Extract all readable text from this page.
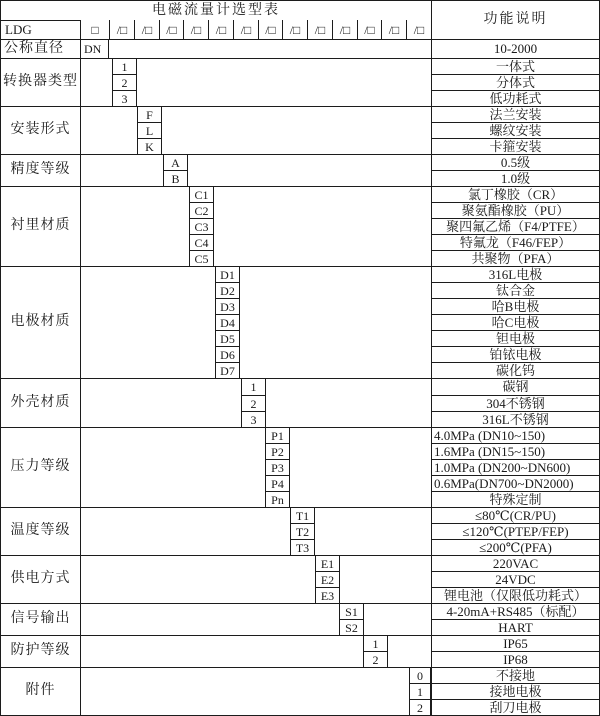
电磁流量计选型表
功能说明
LDG	□	/□	/□	/□	/□	/□	/□	/□	/□	/□	/□	/□	/□	/□
公称直径	DN	10-2000
转换器类型
1	一体式
2	分体式
3	低功耗式
安装形式
F	法兰安装
L	螺纹安装
K	卡箍安装
精度等级	A	0.5级
B	1.0级
衬里材质
C1	氯丁橡胶（CR）
C2	聚氨酯橡胶（PU）
C3	聚四氟乙烯（F4/PTFE）
C4	特氟龙（F46/FEP）
C5	共聚物（PFA）
电极材质
D1	316L电极
D2	钛合金
D3	哈B电极
D4	哈C电极
D5	钽电极
D6	铂铱电极
D7	碳化钨
外壳材质
1	碳钢
2	304不锈钢
3	316L不锈钢
压力等级
P1	4.0MPa (DN10~150)
P2	1.6MPa (DN15~150)
P3	1.0MPa (DN200~DN600)
P4	0.6MPa(DN700~DN2000)
Pn	特殊定制
温度等级
T1	≤80℃(CR/PU)
T2	≤120℃(PTEP/FEP)
T3	≤200℃(PFA)
供电方式
E1	220VAC
E2	24VDC
E3	锂电池（仅限低功耗式）
信号输出	S1	4-20mA+RS485（标配）
S2	HART
防护等级	1	IP65
2	IP68
附件
0	不接地
1	接地电极
2	刮刀电极
